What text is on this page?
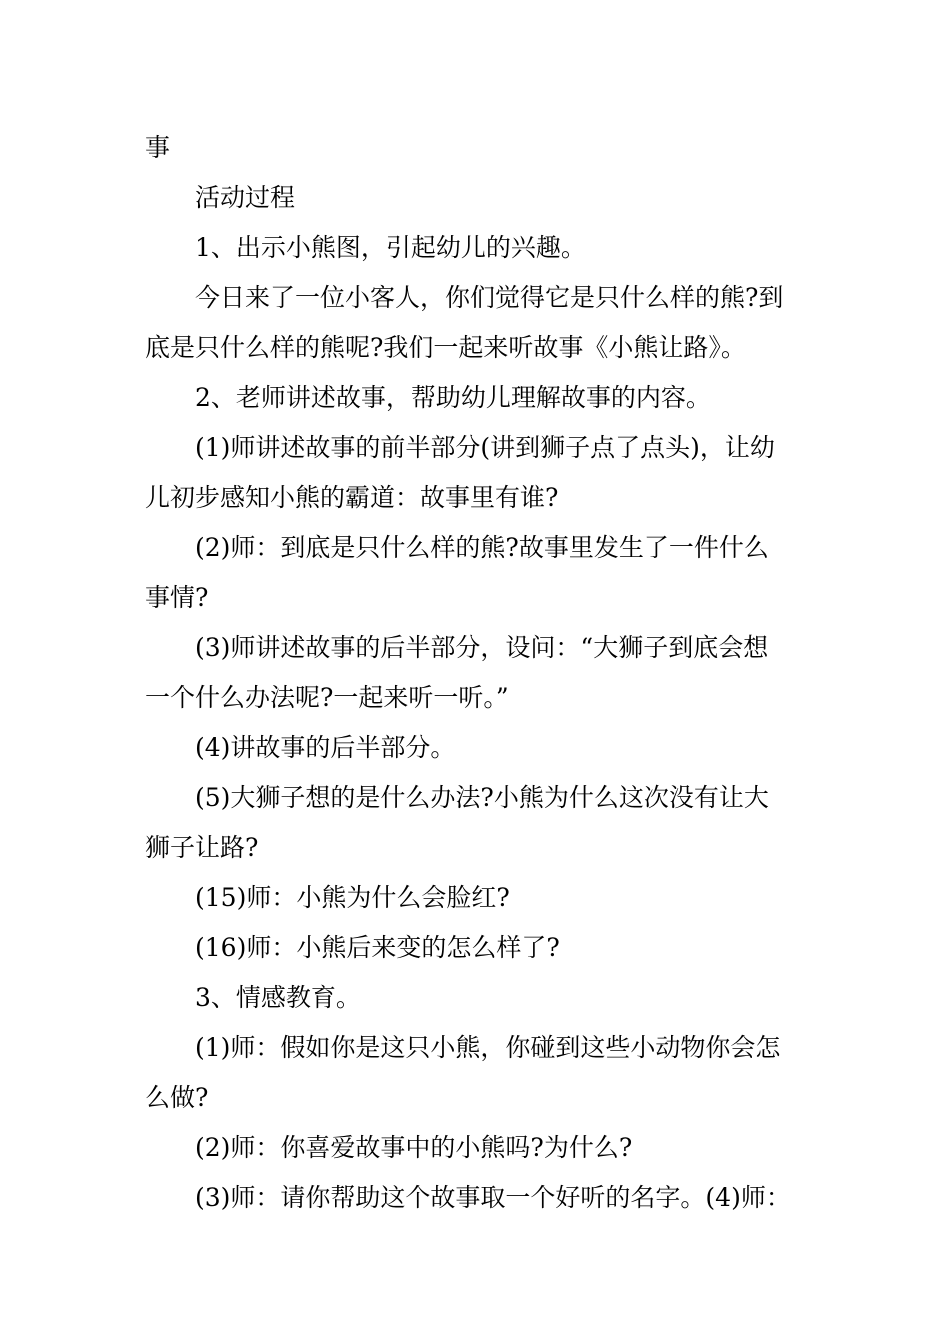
事
活动过程
1、出示小熊图，引起幼儿的兴趣。
今日来了一位小客人，你们觉得它是只什么样的熊?到
底是只什么样的熊呢?我们一起来听故事《小熊让路》。
2、老师讲述故事，帮助幼儿理解故事的内容。
(1)师讲述故事的前半部分(讲到狮子点了点头)，让幼
儿初步感知小熊的霸道：故事里有谁?
(2)师：到底是只什么样的熊?故事里发生了一件什么
事情?
(3)师讲述故事的后半部分，设问：“大狮子到底会想
一个什么办法呢?一起来听一听。”
(4)讲故事的后半部分。
(5)大狮子想的是什么办法?小熊为什么这次没有让大
狮子让路?
(15)师：小熊为什么会脸红?
(16)师：小熊后来变的怎么样了?
3、情感教育。
(1)师：假如你是这只小熊，你碰到这些小动物你会怎
么做?
(2)师：你喜爱故事中的小熊吗?为什么?
(3)师：请你帮助这个故事取一个好听的名字。(4)师：
